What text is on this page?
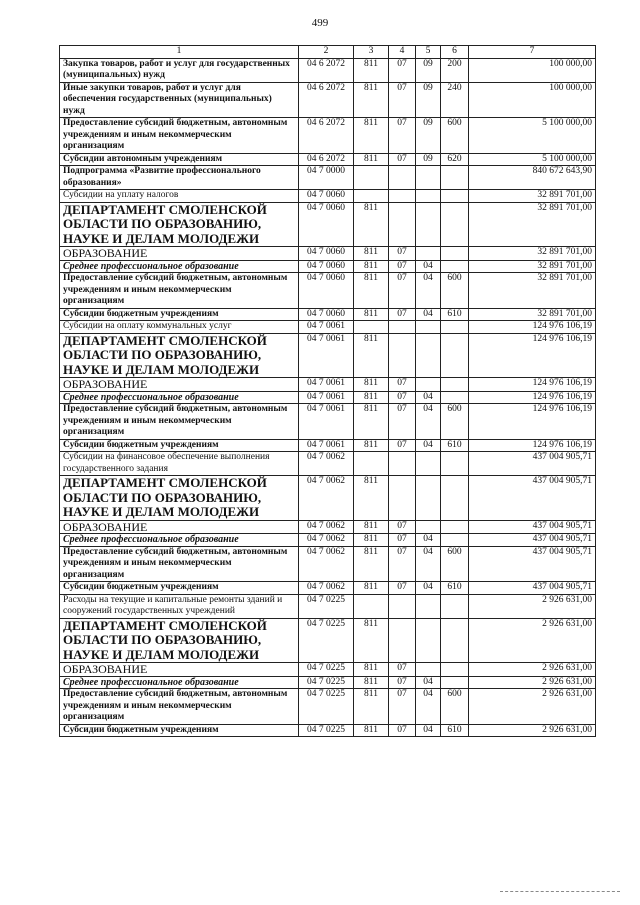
499
1	2	3	4	5	6	7
Закупка товаров, работ и услуг для государственных (муниципальных) нужд	04 6 2072	811	07	09	200	100 000,00
Иные закупки товаров, работ и услуг для обеспечения государственных (муниципальных) нужд	04 6 2072	811	07	09	240	100 000,00
Предоставление субсидий бюджетным, автономным учреждениям и иным некоммерческим организациям	04 6 2072	811	07	09	600	5 100 000,00
Субсидии автономным учреждениям	04 6 2072	811	07	09	620	5 100 000,00
Подпрограмма «Развитие профессионального образования»	04 7 0000					840 672 643,90
Субсидии на уплату налогов	04 7 0060					32 891 701,00
ДЕПАРТАМЕНТ СМОЛЕНСКОЙ ОБЛАСТИ ПО ОБРАЗОВАНИЮ, НАУКЕ И ДЕЛАМ МОЛОДЕЖИ	04 7 0060	811				32 891 701,00
ОБРАЗОВАНИЕ	04 7 0060	811	07			32 891 701,00
Среднее профессиональное образование	04 7 0060	811	07	04		32 891 701,00
Предоставление субсидий бюджетным, автономным учреждениям и иным некоммерческим организациям	04 7 0060	811	07	04	600	32 891 701,00
Субсидии бюджетным учреждениям	04 7 0060	811	07	04	610	32 891 701,00
Субсидии на оплату коммунальных услуг	04 7 0061					124 976 106,19
ДЕПАРТАМЕНТ СМОЛЕНСКОЙ ОБЛАСТИ ПО ОБРАЗОВАНИЮ, НАУКЕ И ДЕЛАМ МОЛОДЕЖИ	04 7 0061	811				124 976 106,19
ОБРАЗОВАНИЕ	04 7 0061	811	07			124 976 106,19
Среднее профессиональное образование	04 7 0061	811	07	04		124 976 106,19
Предоставление субсидий бюджетным, автономным учреждениям и иным некоммерческим организациям	04 7 0061	811	07	04	600	124 976 106,19
Субсидии бюджетным учреждениям	04 7 0061	811	07	04	610	124 976 106,19
Субсидии на финансовое обеспечение выполнения государственного задания	04 7 0062					437 004 905,71
ДЕПАРТАМЕНТ СМОЛЕНСКОЙ ОБЛАСТИ ПО ОБРАЗОВАНИЮ, НАУКЕ И ДЕЛАМ МОЛОДЕЖИ	04 7 0062	811				437 004 905,71
ОБРАЗОВАНИЕ	04 7 0062	811	07			437 004 905,71
Среднее профессиональное образование	04 7 0062	811	07	04		437 004 905,71
Предоставление субсидий бюджетным, автономным учреждениям и иным некоммерческим организациям	04 7 0062	811	07	04	600	437 004 905,71
Субсидии бюджетным учреждениям	04 7 0062	811	07	04	610	437 004 905,71
Расходы на текущие и капитальные ремонты зданий и сооружений государственных учреждений	04 7 0225					2 926 631,00
ДЕПАРТАМЕНТ СМОЛЕНСКОЙ ОБЛАСТИ ПО ОБРАЗОВАНИЮ, НАУКЕ И ДЕЛАМ МОЛОДЕЖИ	04 7 0225	811				2 926 631,00
ОБРАЗОВАНИЕ	04 7 0225	811	07			2 926 631,00
Среднее профессиональное образование	04 7 0225	811	07	04		2 926 631,00
Предоставление субсидий бюджетным, автономным учреждениям и иным некоммерческим организациям	04 7 0225	811	07	04	600	2 926 631,00
Субсидии бюджетным учреждениям	04 7 0225	811	07	04	610	2 926 631,00
